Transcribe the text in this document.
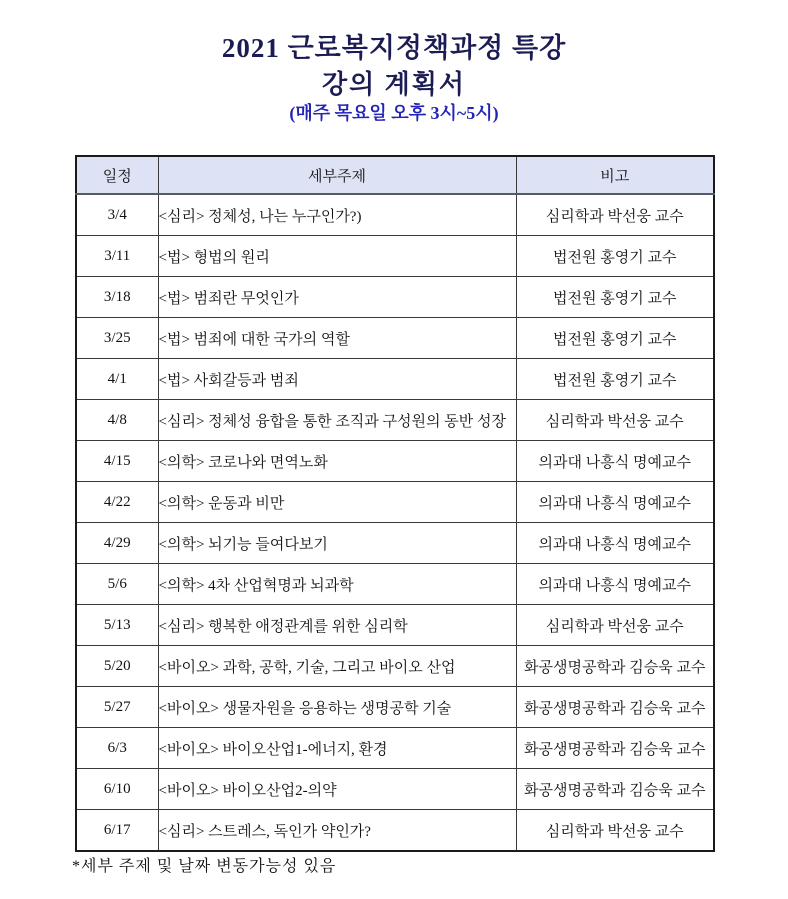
2021 근로복지정책과정 특강
강의 계획서
(매주 목요일 오후 3시~5시)
일정	세부주제	비고
3/4	<심리> 정체성, 나는 누구인가?)	심리학과 박선웅 교수
3/11	<법> 형법의 원리	법전원 홍영기 교수
3/18	<법> 범죄란 무엇인가	법전원 홍영기 교수
3/25	<법> 범죄에 대한 국가의 역할	법전원 홍영기 교수
4/1	<법> 사회갈등과 범죄	법전원 홍영기 교수
4/8	<심리> 정체성 융합을 통한 조직과 구성원의 동반 성장	심리학과 박선웅 교수
4/15	<의학> 코로나와 면역노화	의과대 나흥식 명예교수
4/22	<의학> 운동과 비만	의과대 나흥식 명예교수
4/29	<의학> 뇌기능 들여다보기	의과대 나흥식 명예교수
5/6	<의학> 4차 산업혁명과 뇌과학	의과대 나흥식 명예교수
5/13	<심리> 행복한 애정관계를 위한 심리학	심리학과 박선웅 교수
5/20	<바이오> 과학, 공학, 기술, 그리고 바이오 산업	화공생명공학과 김승욱 교수
5/27	<바이오> 생물자원을 응용하는 생명공학 기술	화공생명공학과 김승욱 교수
6/3	<바이오> 바이오산업1-에너지, 환경	화공생명공학과 김승욱 교수
6/10	<바이오> 바이오산업2-의약	화공생명공학과 김승욱 교수
6/17	<심리> 스트레스, 독인가 약인가?	심리학과 박선웅 교수
*세부 주제 및 날짜 변동가능성 있음
